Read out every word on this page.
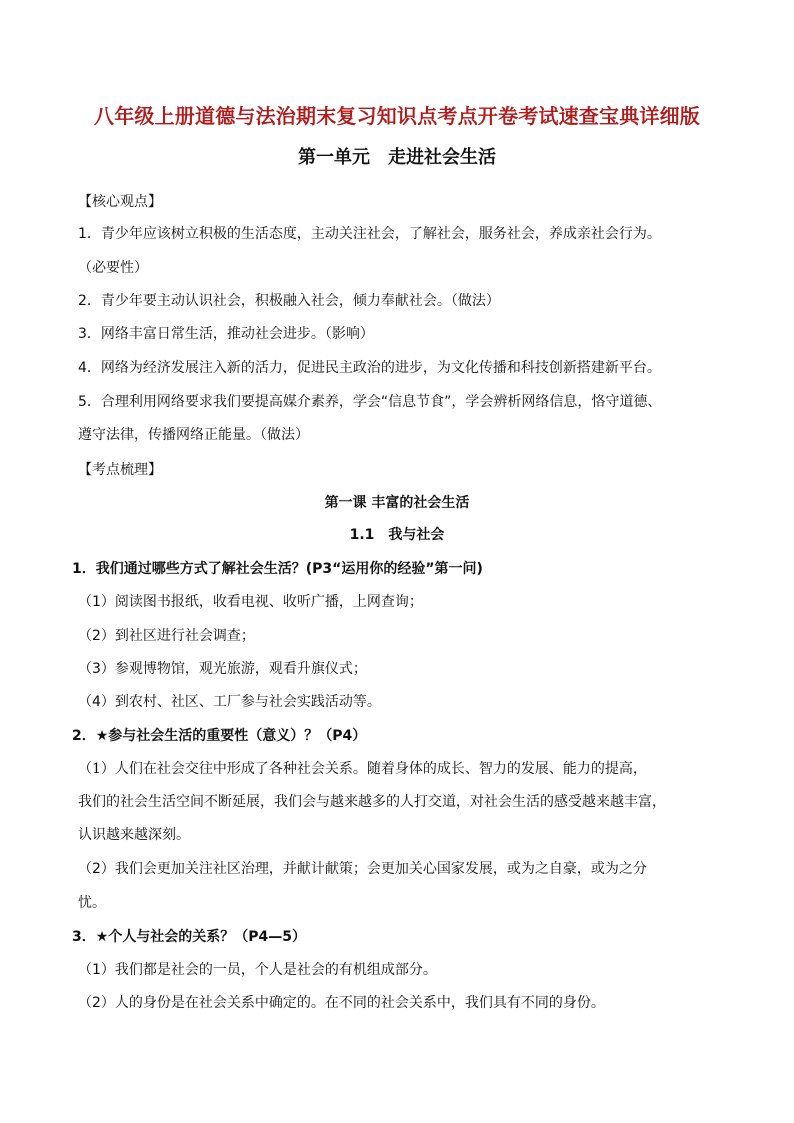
八年级上册道德与法治期末复习知识点考点开卷考试速查宝典详细版
第一单元　走进社会生活
【核心观点】
1．青少年应该树立积极的生活态度，主动关注社会，了解社会，服务社会，养成亲社会行为。
（必要性）
2．青少年要主动认识社会，积极融入社会，倾力奉献社会。（做法）
3．网络丰富日常生活，推动社会进步。（影响）
4．网络为经济发展注入新的活力，促进民主政治的进步，为文化传播和科技创新搭建新平台。
5．合理利用网络要求我们要提高媒介素养，学会“信息节食”，学会辨析网络信息，恪守道德、
遵守法律，传播网络正能量。（做法）
【考点梳理】
第一课 丰富的社会生活
1.1　我与社会
1．我们通过哪些方式了解社会生活？(P3“运用你的经验”第一问)
（1）阅读图书报纸，收看电视、收听广播，上网查询；
（2）到社区进行社会调查；
（3）参观博物馆，观光旅游，观看升旗仪式；
（4）到农村、社区、工厂参与社会实践活动等。
2．★参与社会生活的重要性（意义）？（P4）
（1）人们在社会交往中形成了各种社会关系。随着身体的成长、智力的发展、能力的提高，
我们的社会生活空间不断延展，我们会与越来越多的人打交道，对社会生活的感受越来越丰富，
认识越来越深刻。
（2）我们会更加关注社区治理，并献计献策；会更加关心国家发展，或为之自豪，或为之分
忧。
3．★个人与社会的关系？（P4—5）
（1）我们都是社会的一员，个人是社会的有机组成部分。
（2）人的身份是在社会关系中确定的。在不同的社会关系中，我们具有不同的身份。
